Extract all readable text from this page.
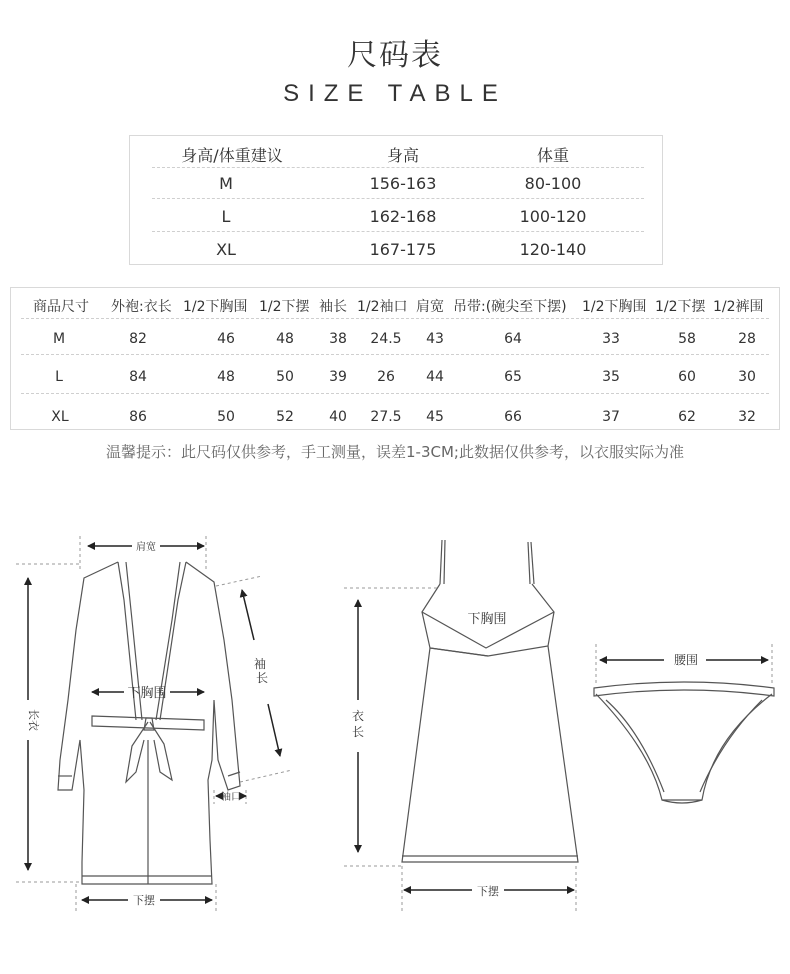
尺码表
SIZE TABLE
身高/体重建议	身高	体重
M	156-163	80-100
L	162-168	100-120
XL	167-175	120-140
商品尺寸 外袍:衣长 1/2下胸围 1/2下摆 袖长 1/2袖口 肩宽 吊带:(碗尖至下摆) 1/2下胸围 1/2下摆 1/2裤围
M	82	46	48	38	24.5	43	64	33	58	28
L	84	48	50	39	26	44	65	35	60	30
XL	86	50	52	40	27.5	45	66	37	62	32
温馨提示：此尺码仅供参考，手工测量，误差1-3CM;此数据仅供参考，以衣服实际为准
肩宽
长衣
下胸围
袖
长
袖口
下摆
下胸围
衣
长
下摆
腰围
